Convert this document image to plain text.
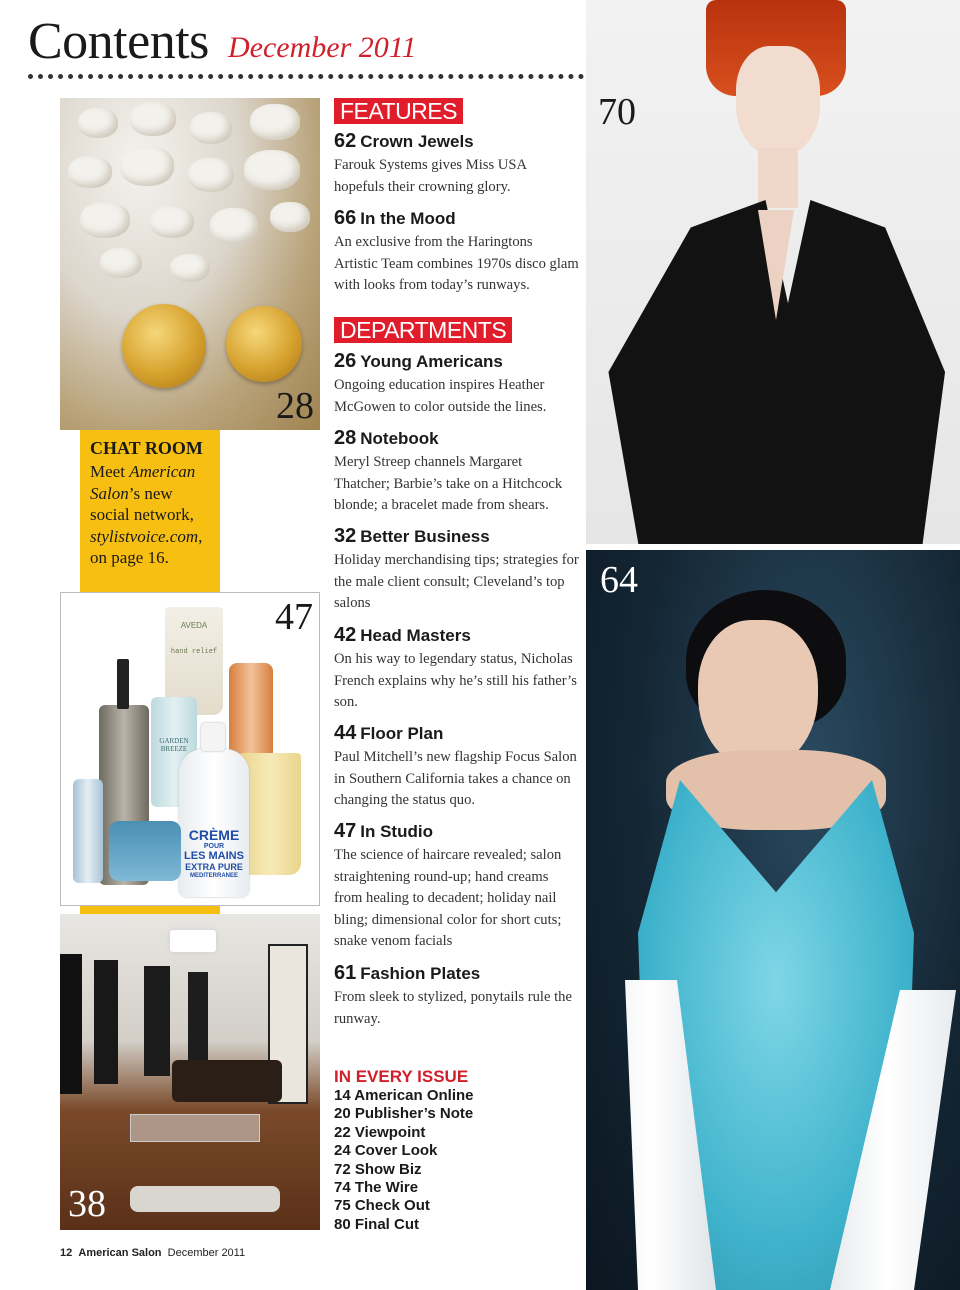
Contents December 2011
28
CHAT ROOM
Meet American
Salon’s new
social network,
stylistvoice.com,
on page 16.
AVEDA
hand relief
GARDEN BREEZE
CRÈME
POUR
LES MAINS
EXTRA PURE
MEDITERRANEE
47
38
70
64
FEATURES
62 Crown Jewels
Farouk Systems gives Miss USA hopefuls their crowning glory.
66 In the Mood
An exclusive from the Haringtons Artistic Team combines 1970s disco glam with looks from today’s runways.
DEPARTMENTS
26 Young Americans
Ongoing education inspires Heather McGowen to color outside the lines.
28 Notebook
Meryl Streep channels Margaret Thatcher; Barbie’s take on a Hitchcock blonde; a bracelet made from shears.
32 Better Business
Holiday merchandising tips; strategies for the male client consult; Cleveland’s top salons
42 Head Masters
On his way to legendary status, Nicholas French explains why he’s still his father’s son.
44 Floor Plan
Paul Mitchell’s new flagship Focus Salon in Southern California takes a chance on changing the status quo.
47 In Studio
The science of haircare revealed; salon straightening round-up; hand creams from healing to decadent; holiday nail bling; dimensional color for short cuts; snake venom facials
61 Fashion Plates
From sleek to stylized, ponytails rule the runway.
IN EVERY ISSUE
14 American Online
20 Publisher’s Note
22 Viewpoint
24 Cover Look
72 Show Biz
74 The Wire
75 Check Out
80 Final Cut
12 American Salon December 2011
